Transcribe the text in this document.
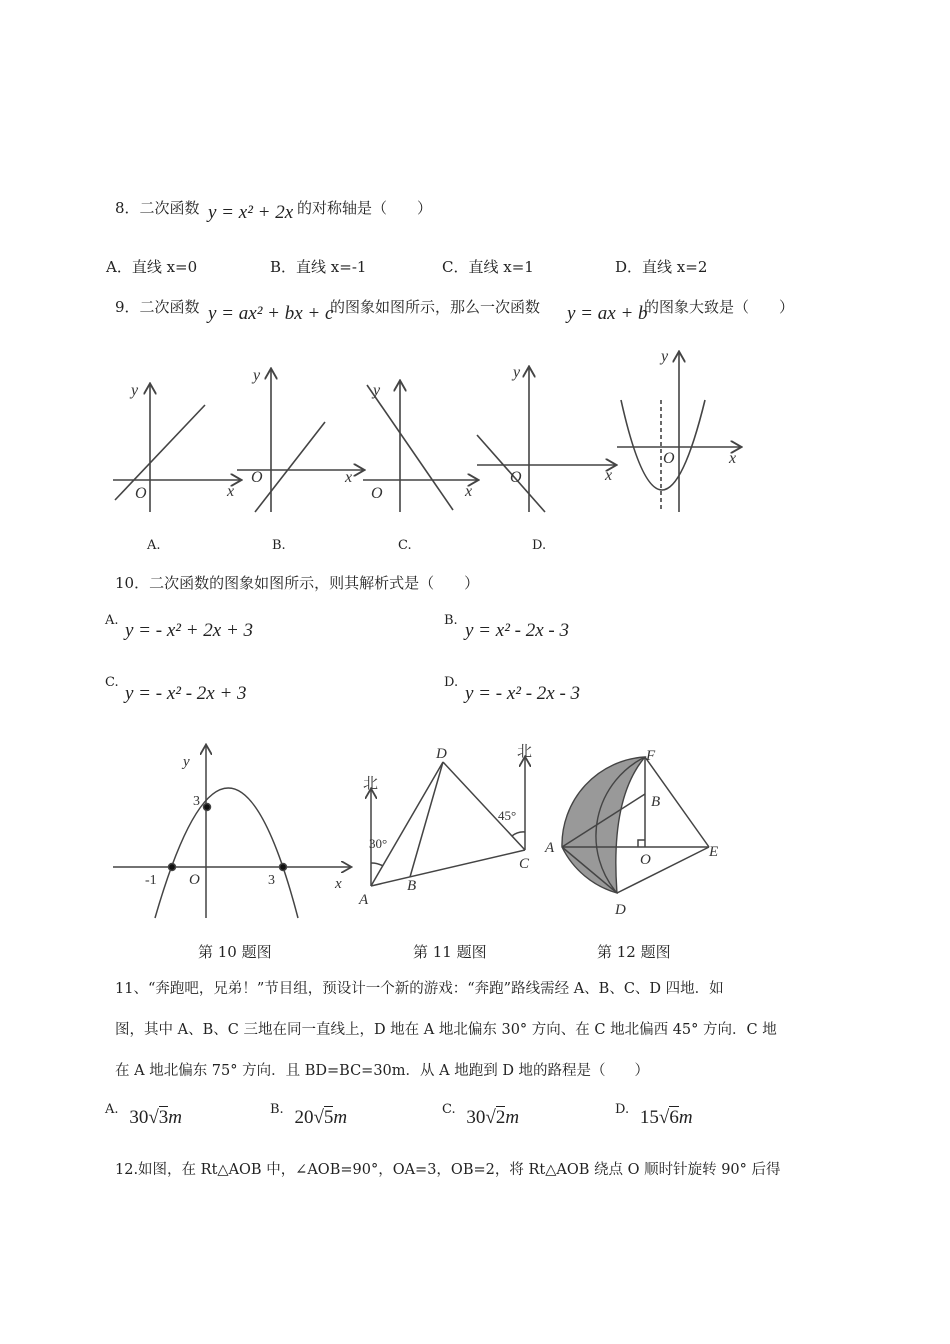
8．二次函数 y = x² + 2x 的对称轴是（　　）
A．直线 x=0	B．直线 x=-1	C．直线 x=1	D．直线 x=2
9．二次函数 y = ax² + bx + c
的图象如图所示，那么一次函数 y = ax + b
的图象大致是（　　）
y
O	x
y
O	x
y
O	x
y
O	x
y
O	x
A.	B.	C.	D.
10．二次函数的图象如图所示，则其解析式是（　　）
A. y = - x² + 2x + 3	B. y = x² - 2x - 3
C.
y = - x² - 2x + 3
D.
y = - x² - 2x - 3
y
x
O
3
-1	3
北
北
30°
45°
A
B
C
D	F
B
A
O	E
D
第 10 题图	第 11 题图	第 12 题图
11、“奔跑吧，兄弟！”节目组，预设计一个新的游戏：“奔跑”路线需经 A、B、C、D 四地．如
图，其中 A、B、C 三地在同一直线上，D 地在 A 地北偏东 30° 方向、在 C 地北偏西 45° 方向．C 地
在 A 地北偏东 75° 方向．且 BD=BC=30m．从 A 地跑到 D 地的路程是（　　）
A. 30√3m	B. 20√5m	C. 30√2m	D. 15√6m
12.如图，在 Rt△AOB 中，∠AOB=90°，OA=3，OB=2，将 Rt△AOB 绕点 O 顺时针旋转 90° 后得
